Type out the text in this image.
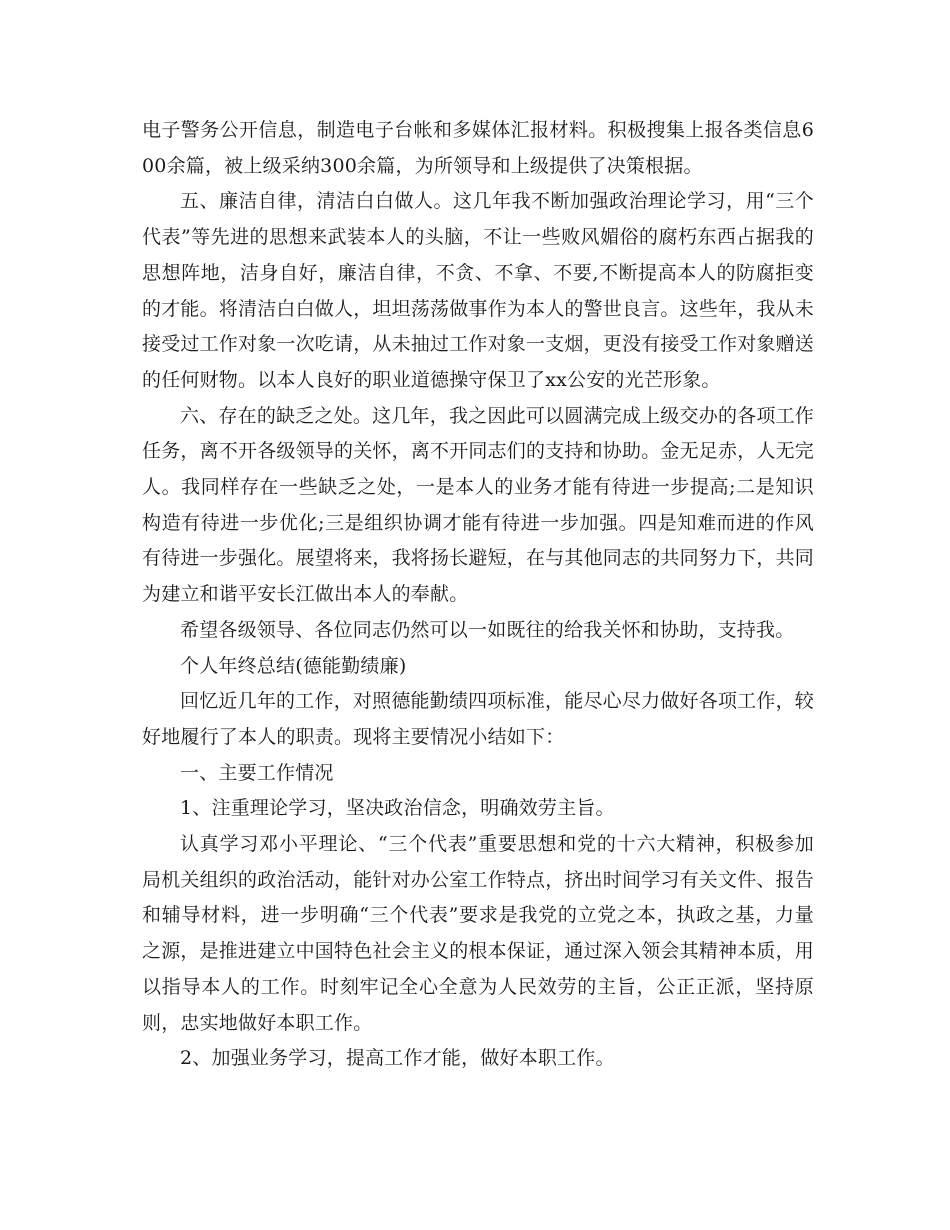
电子警务公开信息，制造电子台帐和多媒体汇报材料。积极搜集上报各类信息600余篇，被上级采纳300余篇，为所领导和上级提供了决策根据。

五、廉洁自律，清洁白白做人。这几年我不断加强政治理论学习，用“三个代表”等先进的思想来武装本人的头脑，不让一些败风媚俗的腐朽东西占据我的思想阵地，洁身自好，廉洁自律，不贪、不拿、不要,不断提高本人的防腐拒变的才能。将清洁白白做人，坦坦荡荡做事作为本人的警世良言。这些年，我从未接受过工作对象一次吃请，从未抽过工作对象一支烟，更没有接受工作对象赠送的任何财物。以本人良好的职业道德操守保卫了xx公安的光芒形象。

六、存在的缺乏之处。这几年，我之因此可以圆满完成上级交办的各项工作任务，离不开各级领导的关怀，离不开同志们的支持和协助。金无足赤，人无完人。我同样存在一些缺乏之处，一是本人的业务才能有待进一步提高;二是知识构造有待进一步优化;三是组织协调才能有待进一步加强。四是知难而进的作风有待进一步强化。展望将来，我将扬长避短，在与其他同志的共同努力下，共同为建立和谐平安长江做出本人的奉献。

希望各级领导、各位同志仍然可以一如既往的给我关怀和协助，支持我。

个人年终总结(德能勤绩廉)

回忆近几年的工作，对照德能勤绩四项标准，能尽心尽力做好各项工作，较好地履行了本人的职责。现将主要情况小结如下：

一、主要工作情况

1、注重理论学习，坚决政治信念，明确效劳主旨。

认真学习邓小平理论、“三个代表”重要思想和党的十六大精神，积极参加局机关组织的政治活动，能针对办公室工作特点，挤出时间学习有关文件、报告和辅导材料，进一步明确“三个代表”要求是我党的立党之本，执政之基，力量之源，是推进建立中国特色社会主义的根本保证，通过深入领会其精神本质，用以指导本人的工作。时刻牢记全心全意为人民效劳的主旨，公正正派，坚持原则，忠实地做好本职工作。

2、加强业务学习，提高工作才能，做好本职工作。
